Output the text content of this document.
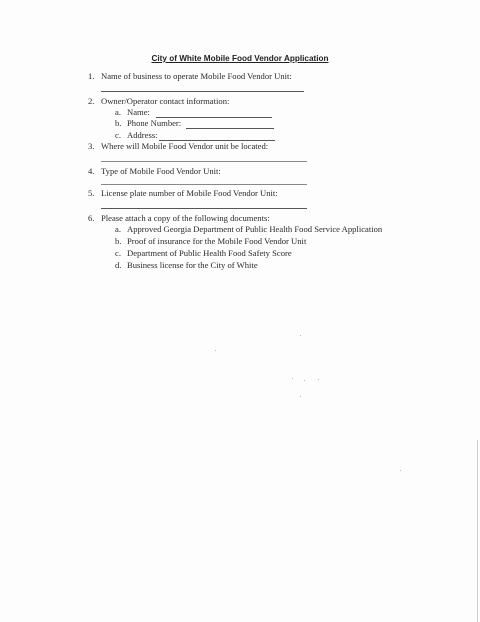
City of White Mobile Food Vendor Application
1. Name of business to operate Mobile Food Vendor Unit:
2. Owner/Operator contact information:
a. Name:
b. Phone Number:
c. Address:
3. Where will Mobile Food Vendor unit be located:
4. Type of Mobile Food Vendor Unit:
5. License plate number of Mobile Food Vendor Unit:
6. Please attach a copy of the following documents:
a. Approved Georgia Department of Public Health Food Service Application
b. Proof of insurance for the Mobile Food Vendor Unit
c. Department of Public Health Food Safety Score
d. Business license for the City of White
